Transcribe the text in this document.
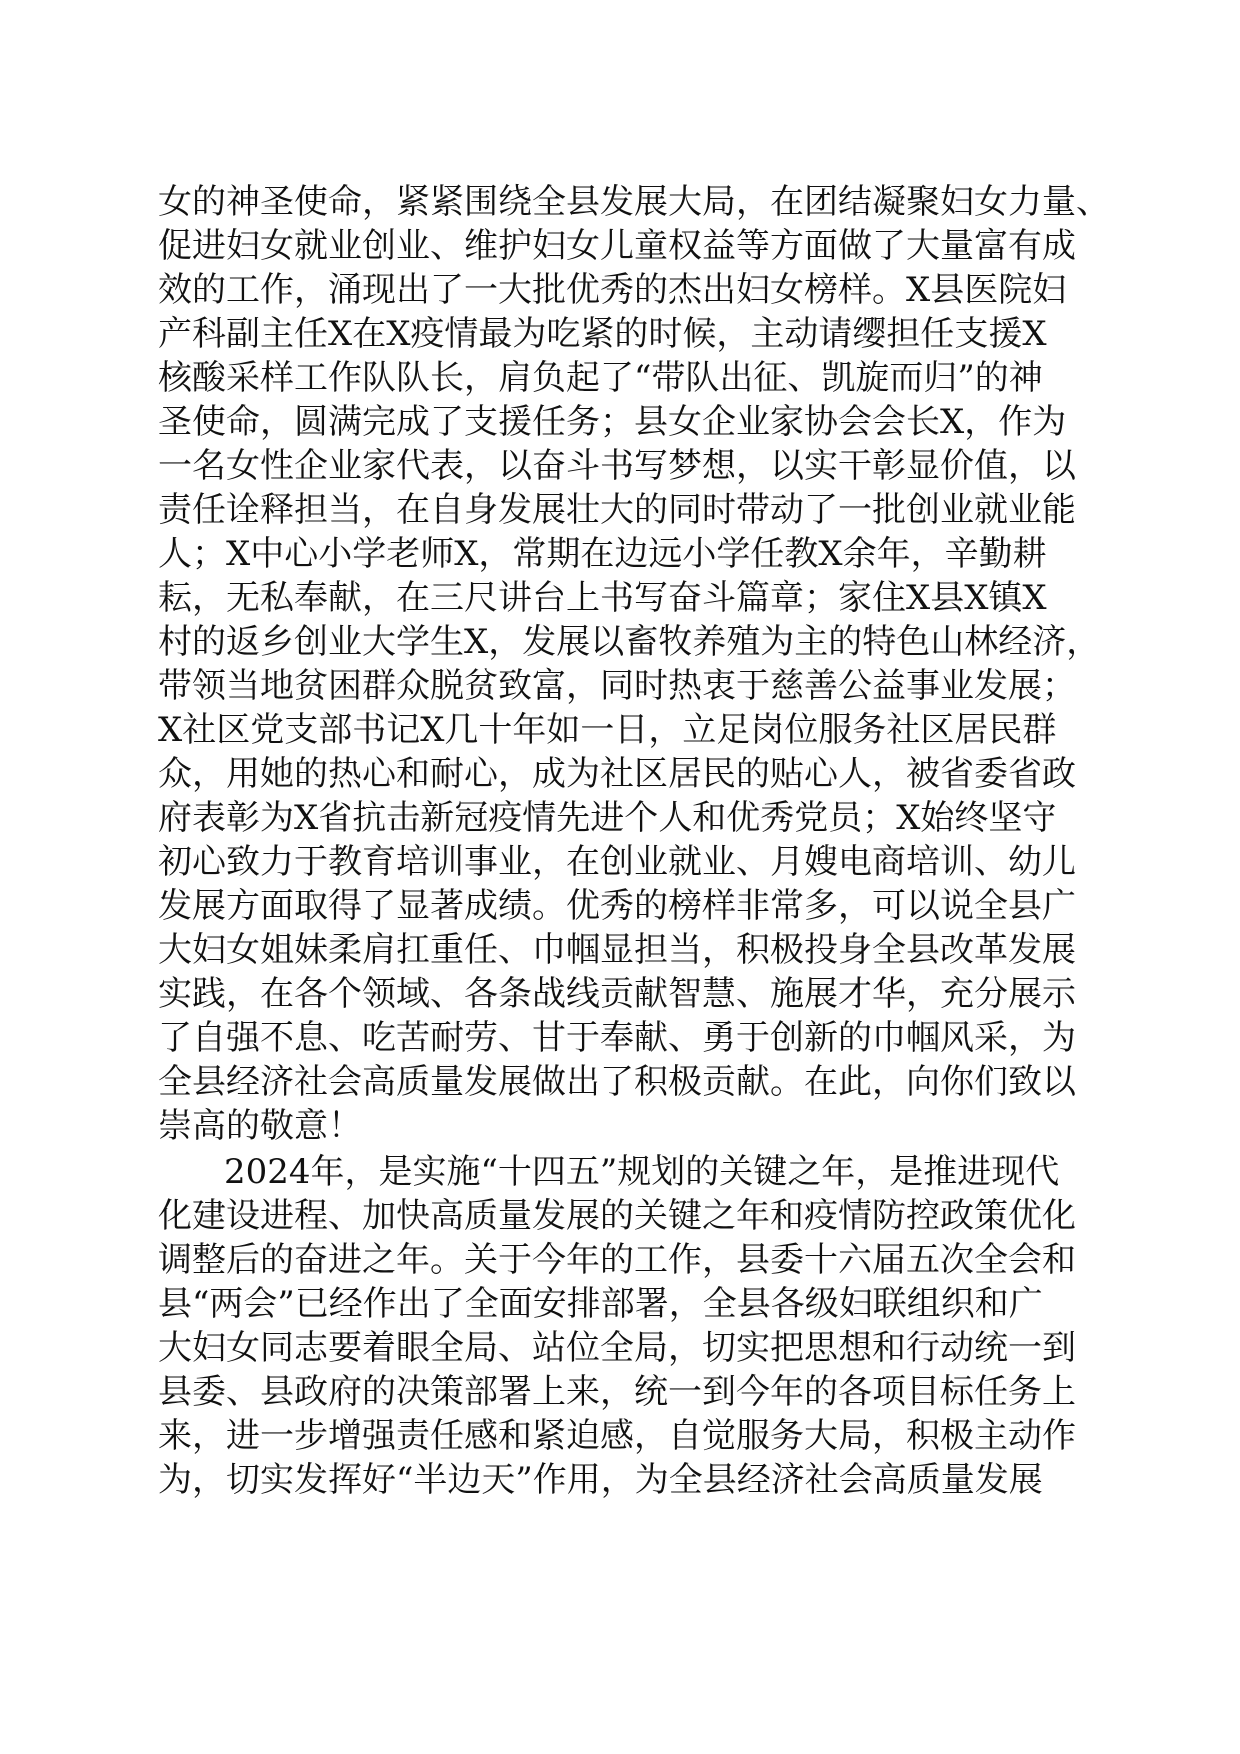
女的神圣使命，紧紧围绕全县发展大局，在团结凝聚妇女力量、
促进妇女就业创业、维护妇女儿童权益等方面做了大量富有成
效的工作，涌现出了一大批优秀的杰出妇女榜样。X县医院妇
产科副主任X在X疫情最为吃紧的时候，主动请缨担任支援X
核酸采样工作队队长，肩负起了“带队出征、凯旋而归”的神
圣使命，圆满完成了支援任务；县女企业家协会会长X，作为
一名女性企业家代表，以奋斗书写梦想，以实干彰显价值，以
责任诠释担当，在自身发展壮大的同时带动了一批创业就业能
人；X中心小学老师X，常期在边远小学任教X余年，辛勤耕
耘，无私奉献，在三尺讲台上书写奋斗篇章；家住X县X镇X
村的返乡创业大学生X，发展以畜牧养殖为主的特色山林经济，
带领当地贫困群众脱贫致富，同时热衷于慈善公益事业发展；
X社区党支部书记X几十年如一日，立足岗位服务社区居民群
众，用她的热心和耐心，成为社区居民的贴心人，被省委省政
府表彰为X省抗击新冠疫情先进个人和优秀党员；X始终坚守
初心致力于教育培训事业，在创业就业、月嫂电商培训、幼儿
发展方面取得了显著成绩。优秀的榜样非常多，可以说全县广
大妇女姐妹柔肩扛重任、巾帼显担当，积极投身全县改革发展
实践，在各个领域、各条战线贡献智慧、施展才华，充分展示
了自强不息、吃苦耐劳、甘于奉献、勇于创新的巾帼风采，为
全县经济社会高质量发展做出了积极贡献。在此，向你们致以
崇高的敬意！
2024年，是实施“十四五”规划的关键之年，是推进现代
化建设进程、加快高质量发展的关键之年和疫情防控政策优化
调整后的奋进之年。关于今年的工作，县委十六届五次全会和
县“两会”已经作出了全面安排部署，全县各级妇联组织和广
大妇女同志要着眼全局、站位全局，切实把思想和行动统一到
县委、县政府的决策部署上来，统一到今年的各项目标任务上
来，进一步增强责任感和紧迫感，自觉服务大局，积极主动作
为，切实发挥好“半边天”作用，为全县经济社会高质量发展
